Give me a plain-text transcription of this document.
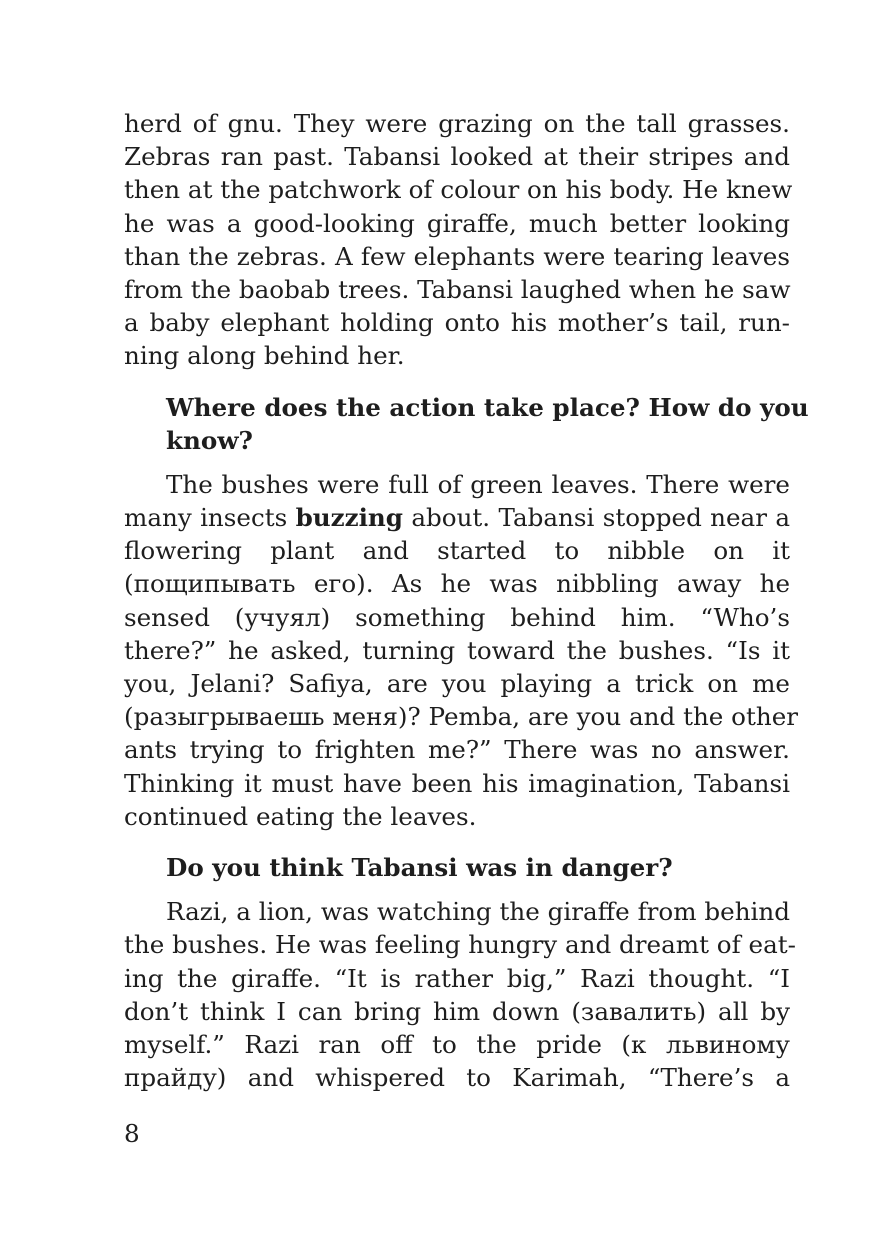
herd of gnu. They were grazing on the tall grasses.
Zebras ran past. Tabansi looked at their stripes and
then at the patchwork of colour on his body. He knew
he was a good-looking giraffe, much better looking
than the zebras. A few elephants were tearing leaves
from the baobab trees. Tabansi laughed when he saw
a baby elephant holding onto his mother’s tail, run-
ning along behind her.
Where does the action take place? How do you
know?
The bushes were full of green leaves. There were
many insects buzzing about. Tabansi stopped near a
flowering plant and started to nibble on it
(пощипывать его). As he was nibbling away he
sensed (учуял) something behind him. “Who’s
there?” he asked, turning toward the bushes. “Is it
you, Jelani? Safiya, are you playing a trick on me
(разыгрываешь меня)? Pemba, are you and the other
ants trying to frighten me?” There was no answer.
Thinking it must have been his imagination, Tabansi
continued eating the leaves.
Do you think Tabansi was in danger?
Razi, a lion, was watching the giraffe from behind
the bushes. He was feeling hungry and dreamt of eat-
ing the giraffe. “It is rather big,” Razi thought. “I
don’t think I can bring him down (завалить) all by
myself.” Razi ran off to the pride (к львиному
прайду) and whispered to Karimah, “There’s a
8
